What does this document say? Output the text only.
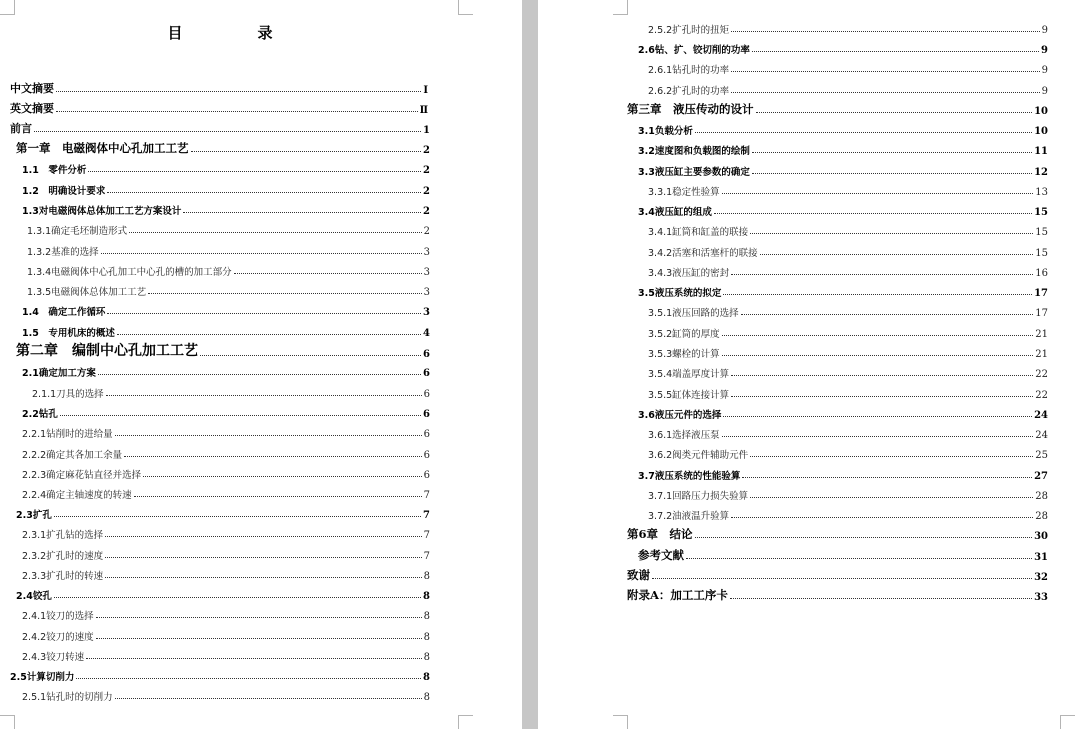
目　录
中文摘要	Ⅰ
英文摘要	Ⅱ
前言	1
第一章　电磁阀体中心孔加工工艺	2
1.1　零件分析	2
1.2　明确设计要求	2
1.3对电磁阀体总体加工工艺方案设计	2
1.3.1确定毛坯制造形式	2
1.3.2基准的选择	3
1.3.4电磁阀体中心孔加工中心孔的槽的加工部分	3
1.3.5电磁阀体总体加工工艺	3
1.4　确定工作循环	3
1.5　专用机床的概述	4
第二章　编制中心孔加工工艺	6
2.1确定加工方案	6
2.1.1刀具的选择	6
2.2钻孔	6
2.2.1钻削时的进给量	6
2.2.2确定其各加工余量	6
2.2.3确定麻花钻直径并选择	6
2.2.4确定主轴速度的转速	7
2.3扩孔	7
2.3.1扩孔钻的选择	7
2.3.2扩孔时的速度	7
2.3.3扩孔时的转速	8
2.4铰孔	8
2.4.1铰刀的选择	8
2.4.2铰刀的速度	8
2.4.3铰刀转速	8
2.5计算切削力	8
2.5.1钻孔时的切削力	8
2.5.2扩孔时的扭矩	9
2.6钻、扩、铰切削的功率	9
2.6.1钻孔时的功率	9
2.6.2扩孔时的功率	9
第三章　液压传动的设计	10
3.1负载分析	10
3.2速度图和负载图的绘制	11
3.3液压缸主要参数的确定	12
3.3.1稳定性验算	13
3.4液压缸的组成	15
3.4.1缸筒和缸盖的联接	15
3.4.2活塞和活塞杆的联接	15
3.4.3液压缸的密封	16
3.5液压系统的拟定	17
3.5.1液压回路的选择	17
3.5.2缸筒的厚度	21
3.5.3螺栓的计算	21
3.5.4端盖厚度计算	22
3.5.5缸体连接计算	22
3.6液压元件的选择	24
3.6.1选择液压泵	24
3.6.2阀类元件辅助元件	25
3.7液压系统的性能验算	27
3.7.1回路压力损失验算	28
3.7.2油液温升验算	28
第6章　结论	30
参考文献	31
致谢	32
附录A：加工工序卡	33
